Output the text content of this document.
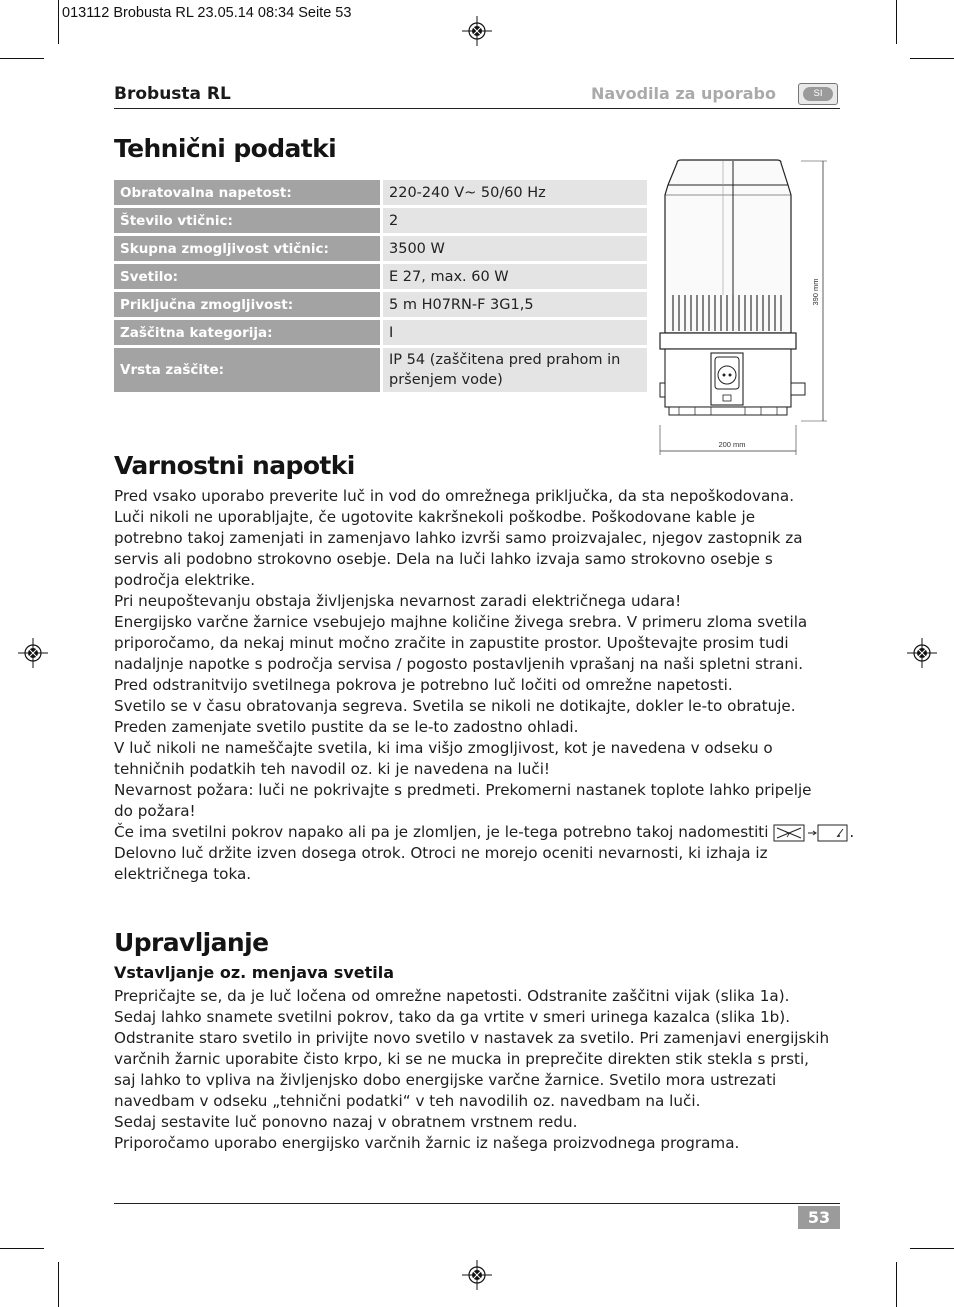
013112 Brobusta RL 23.05.14 08:34 Seite 53
Brobusta RL	Navodila za uporabo	SI
Tehnični podatki
Obratovalna napetost:	220-240 V~ 50/60 Hz
Število vtičnic:	2
Skupna zmogljivost vtičnic:	3500 W
Svetilo:	E 27, max. 60 W
Priključna zmogljivost:	5 m H07RN-F 3G1,5
Zaščitna kategorija:	I
Vrsta zaščite:	IP 54 (zaščitena pred prahom in pršenjem vode)
390 mm
200 mm
Varnostni napotki
Pred vsako uporabo preverite luč in vod do omrežnega priključka, da sta nepoškodovana.
Luči nikoli ne uporabljajte, če ugotovite kakršnekoli poškodbe. Poškodovane kable je
potrebno takoj zamenjati in zamenjavo lahko izvrši samo proizvajalec, njegov zastopnik za
servis ali podobno strokovno osebje. Dela na luči lahko izvaja samo strokovno osebje s
področja elektrike.
Pri neupoštevanju obstaja življenjska nevarnost zaradi električnega udara!
Energijsko varčne žarnice vsebujejo majhne količine živega srebra. V primeru zloma svetila
priporočamo, da nekaj minut močno zračite in zapustite prostor. Upoštevajte prosim tudi
nadaljnje napotke s področja servisa / pogosto postavljenih vprašanj na naši spletni strani.
Pred odstranitvijo svetilnega pokrova je potrebno luč ločiti od omrežne napetosti.
Svetilo se v času obratovanja segreva. Svetila se nikoli ne dotikajte, dokler le-to obratuje.
Preden zamenjate svetilo pustite da se le-to zadostno ohladi.
V luč nikoli ne nameščajte svetila, ki ima višjo zmogljivost, kot je navedena v odseku o
tehničnih podatkih teh navodil oz. ki je navedena na luči!
Nevarnost požara: luči ne pokrivajte s predmeti. Prekomerni nastanek toplote lahko pripelje
do požara!
Če ima svetilni pokrov napako ali pa je zlomljen, je le-tega potrebno takoj nadomestiti	.
Delovno luč držite izven dosega otrok. Otroci ne morejo oceniti nevarnosti, ki izhaja iz
električnega toka.
Upravljanje
Vstavljanje oz. menjava svetila
Prepričajte se, da je luč ločena od omrežne napetosti. Odstranite zaščitni vijak (slika 1a).
Sedaj lahko snamete svetilni pokrov, tako da ga vrtite v smeri urinega kazalca (slika 1b).
Odstranite staro svetilo in privijte novo svetilo v nastavek za svetilo. Pri zamenjavi energijskih
varčnih žarnic uporabite čisto krpo, ki se ne mucka in preprečite direkten stik stekla s prsti,
saj lahko to vpliva na življenjsko dobo energijske varčne žarnice. Svetilo mora ustrezati
navedbam v odseku „tehnični podatki“ v teh navodilih oz. navedbam na luči.
Sedaj sestavite luč ponovno nazaj v obratnem vrstnem redu.
Priporočamo uporabo energijsko varčnih žarnic iz našega proizvodnega programa.
53
